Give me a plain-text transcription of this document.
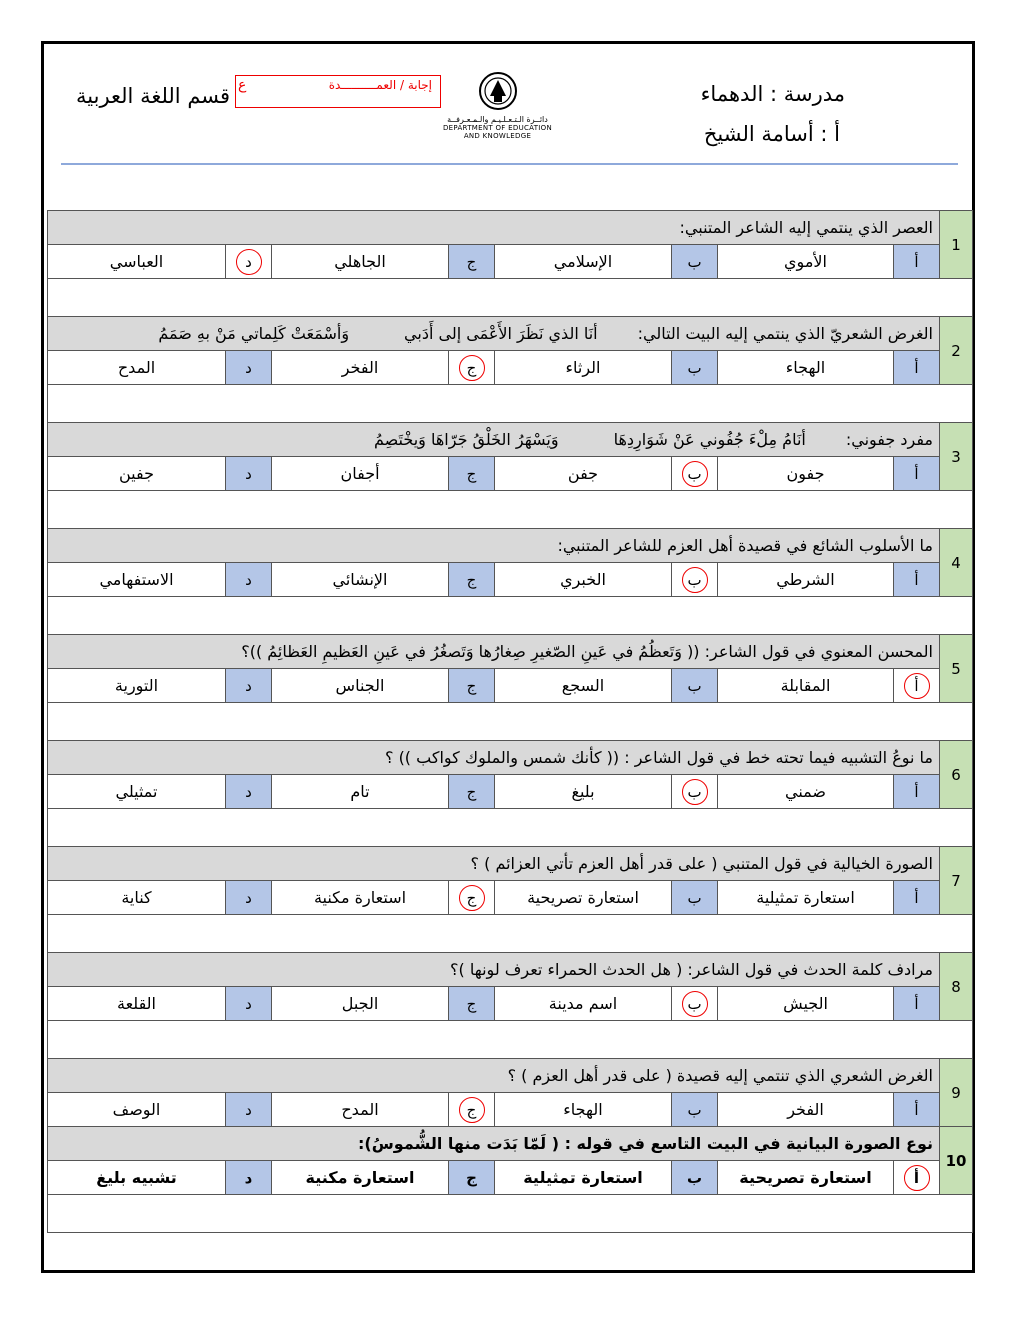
مدرسة : الدهماء
أ : أسامة الشيخ
قسم اللغة العربية	إجابة / العمــــــــــدة
ع
دائــرة الـتـعـلـيـم والـمـعـرفــة
DEPARTMENT OF EDUCATION
AND KNOWLEDGE
1	العصر الذي ينتمي إليه الشاعر المتنبي:							
	أ	الأموي	ب	الإسلامي	ج	الجاهلي	د	العباسي

2	الغرض الشعريّ الذي ينتمي إليه البيت التالي:أنَا الذي نَظَرَ الأَعْمَى إلى أَدَبيوَأسْمَعَتْ كَلِماتي مَنْ بهِ صَمَمُ							
	أ	الهجاء	ب	الرثاء	ج	الفخر	د	المدح

3	مفرد جفوني:أنَامُ مِلْءَ جُفُوني عَنْ شَوَارِدِهَاوَيَسْهَرُ الخَلْقُ جَرّاهَا وَيخْتَصِمُ							
	أ	جفون	ب	جفن	ج	أجفان	د	جفين

4	ما الأسلوب الشائع في قصيدة أهل العزم للشاعر المتنبي:							
	أ	الشرطي	ب	الخبري	ج	الإنشائي	د	الاستفهامي

5	المحسن المعنوي في قول الشاعر: (( وَتَعظُمُ في عَينِ الصّغيرِ صِغارُها وَتَصغُرُ في عَينِ العَظيمِ العَظائِمُ ))؟							
	أ	المقابلة	ب	السجع	ج	الجناس	د	التورية

6	ما نوعُ التشبيه فيما تحته خط في قول الشاعر : (( كأنك شمس والملوك كواكب )) ؟							
	أ	ضمني	ب	بليغ	ج	تام	د	تمثيلي

7	الصورة الخيالية في قول المتنبي ( على قدر أهل العزم تأتي العزائم ) ؟							
	أ	استعارة تمثيلية	ب	استعارة تصريحية	ج	استعارة مكنية	د	كناية

8	مرادف كلمة الحدث في قول الشاعر: ( هل الحدث الحمراء تعرف لونها )؟							
	أ	الجيش	ب	اسم مدينة	ج	الجبل	د	القلعة

9	الغرض الشعري الذي تنتمي إليه قصيدة ( على قدر أهل العزم ) ؟							
	أ	الفخر	ب	الهجاء	ج	المدح	د	الوصف
10	نوع الصورة البيانية في البيت التاسع في قوله : ( لَمّا بَدَت منها الشُّموسُ):							
	أ	استعارة تصريحية	ب	استعارة تمثيلية	ج	استعارة مكنية	د	تشبيه بليغ
